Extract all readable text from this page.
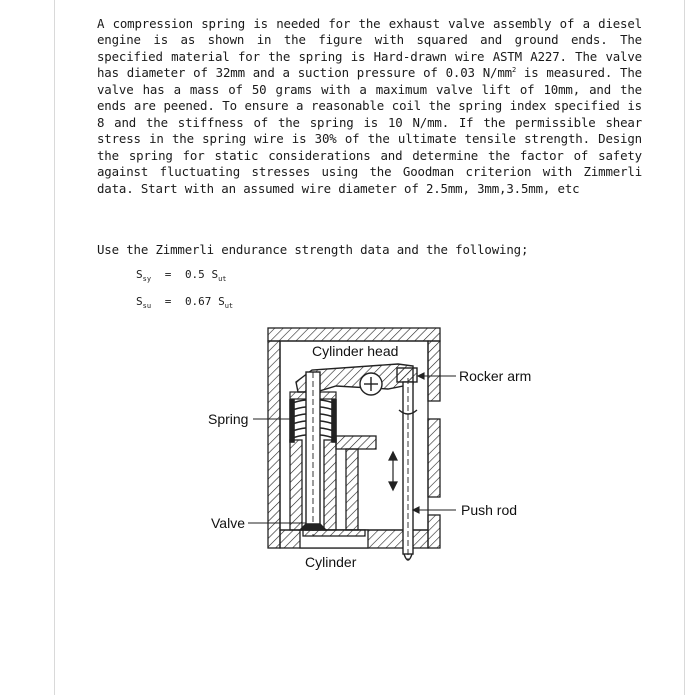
A compression spring is needed for the exhaust valve assembly of a diesel engine is as shown in the figure with squared and ground ends. The specified material for the spring is Hard-drawn wire ASTM A227. The valve has diameter of 32mm and a suction pressure of 0.03 $N/mm^2$ is measured. The valve has a mass of 50 grams with a maximum valve lift of 10mm, and the ends are peened. To ensure a reasonable coil the spring index specified is 8 and the stiffness of the spring is 10 N/mm. If the permissible shear stress in the spring wire is 30% of the ultimate tensile strength. Design the spring for static considerations and determine the factor of safety against fluctuating stresses using the Goodman criterion with Zimmerli data. Start with an assumed wire diameter of 2.5mm, 3mm,3.5mm, etc

Use the Zimmerli endurance strength data and the following;
$S_{sy} = 0.5$ $S_{ut}$
$S_{su} = 0.67$ $S_{ut}$
Cylinder head
Rocker arm
Spring
Push rod
Valve
Cylinder
